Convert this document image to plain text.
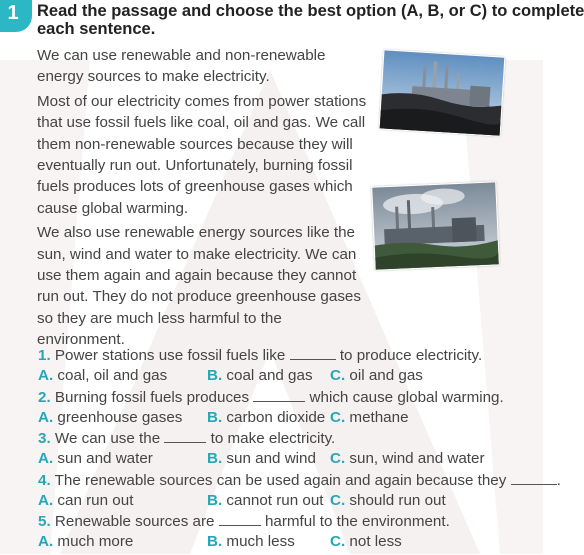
1	Read the passage and choose the best option (A, B, or C) to complete
each sentence.

We can use renewable and non-renewable energy sources to make electricity.

Most of our electricity comes from power stations that use fossil fuels like coal, oil and gas. We call them non-renewable sources because they will eventually run out. Unfortunately, burning fossil fuels produces lots of greenhouse gases which cause global warming.

We also use renewable energy sources like the sun, wind and water to make electricity. We can use them again and again because they cannot run out. They do not produce greenhouse gases so they are much less harmful to the environment.

1. Power stations use fossil fuels like	to produce electricity.
A. coal, oil and gas	B. coal and gas C. oil and gas
2. Burning fossil fuels produces	which cause global warming.
A. greenhouse gases B. carbon dioxide C. methane
3. We can use the	to make electricity.
A. sun and water	B. sun and wind C. sun, wind and water
4. The renewable sources can be used again and again because they	.
A. can run out	B. cannot run out C. should run out
5. Renewable sources are	harmful to the environment.
A. much more	B. much less C. not less
